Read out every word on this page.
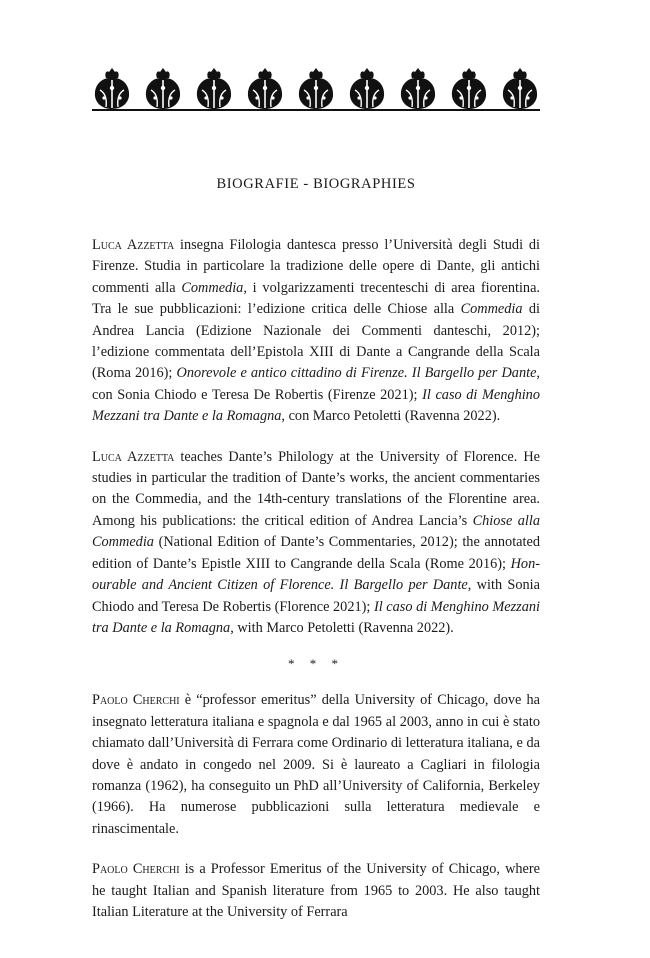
BIOGRAFIE - BIOGRAPHIES

Luca Azzetta insegna Filologia dantesca presso l’Università degli Studi di Firenze. Studia in particolare la tradizione delle opere di Dante, gli antichi commenti alla Commedia, i volgarizzamenti trecenteschi di area fiorentina. Tra le sue pubblicazioni: l’edizione critica delle Chiose alla Commedia di Andrea Lancia (Edizione Nazionale dei Commenti danteschi, 2012); l’edizione commentata dell’Epistola XIII di Dante a Cangrande della Scala (Roma 2016); Onorevole e antico cittadino di Firenze. Il Bargello per Dante, con Sonia Chiodo e Teresa De Robertis (Firenze 2021); Il caso di Menghino Mezzani tra Dante e la Romagna, con Marco Petoletti (Ravenna 2022).

Luca Azzetta teaches Dante’s Philology at the University of Florence. He studies in particular the tradition of Dante’s works, the ancient commentaries on the Commedia, and the 14th-century translations of the Florentine area. Among his publications: the critical edition of Andrea Lancia’s Chiose alla Commedia (National Edition of Dante’s Commentaries, 2012); the annotated edition of Dante’s Epistle XIII to Cangrande della Scala (Rome 2016); Honourable and Ancient Citizen of Florence. Il Bargello per Dante, with Sonia Chiodo and Teresa De Robertis (Florence 2021); Il caso di Menghino Mezzani tra Dante e la Romagna, with Marco Petoletti (Ravenna 2022).

* * *

Paolo Cherchi è “professor emeritus” della University of Chicago, dove ha insegnato letteratura italiana e spagnola e dal 1965 al 2003, anno in cui è stato chiamato dall’Università di Ferrara come Ordinario di letteratura italiana, e da dove è andato in congedo nel 2009. Si è laureato a Cagliari in filologia romanza (1962), ha conseguito un PhD all’University of California, Berkeley (1966). Ha numerose pubblicazioni sulla letteratura medievale e rinascimentale.

Paolo Cherchi is a Professor Emeritus of the University of Chicago, where he taught Italian and Spanish literature from 1965 to 2003. He also taught Italian Literature at the University of Ferrara
